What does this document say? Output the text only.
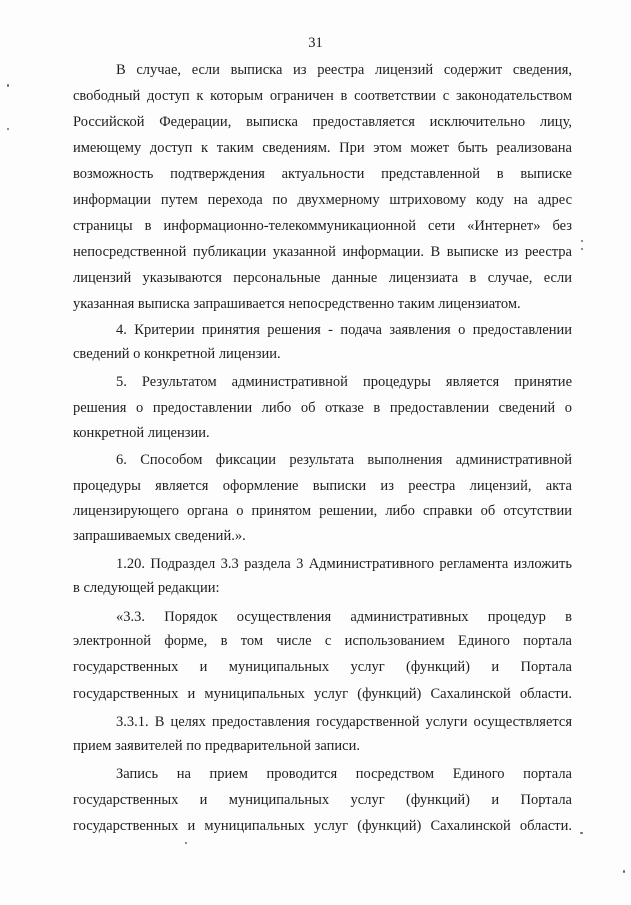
31
В случае, если выписка из реестра лицензий содержит сведения,
свободный доступ к которым ограничен в соответствии с законодательством
Российской Федерации, выписка предоставляется исключительно лицу,
имеющему доступ к таким сведениям. При этом может быть реализована
возможность подтверждения актуальности представленной в выписке
информации путем перехода по двухмерному штриховому коду на адрес
страницы в информационно-телекоммуникационной сети «Интернет» без
непосредственной публикации указанной информации. В выписке из реестра
лицензий указываются персональные данные лицензиата в случае, если
указанная выписка запрашивается непосредственно таким лицензиатом.
4. Критерии принятия решения - подача заявления о предоставлении
сведений о конкретной лицензии.
5. Результатом административной процедуры является принятие
решения о предоставлении либо об отказе в предоставлении сведений о
конкретной лицензии.
6. Способом фиксации результата выполнения административной
процедуры является оформление выписки из реестра лицензий, акта
лицензирующего органа о принятом решении, либо справки об отсутствии
запрашиваемых сведений.».
1.20. Подраздел 3.3 раздела 3 Административного регламента изложить
в следующей редакции:
«3.3. Порядок осуществления административных процедур в
электронной форме, в том числе с использованием Единого портала
государственных и муниципальных услуг (функций) и Портала
государственных и муниципальных услуг (функций) Сахалинской области.
3.3.1. В целях предоставления государственной услуги осуществляется
прием заявителей по предварительной записи.
Запись на прием проводится посредством Единого портала
государственных и муниципальных услуг (функций) и Портала
государственных и муниципальных услуг (функций) Сахалинской области.
